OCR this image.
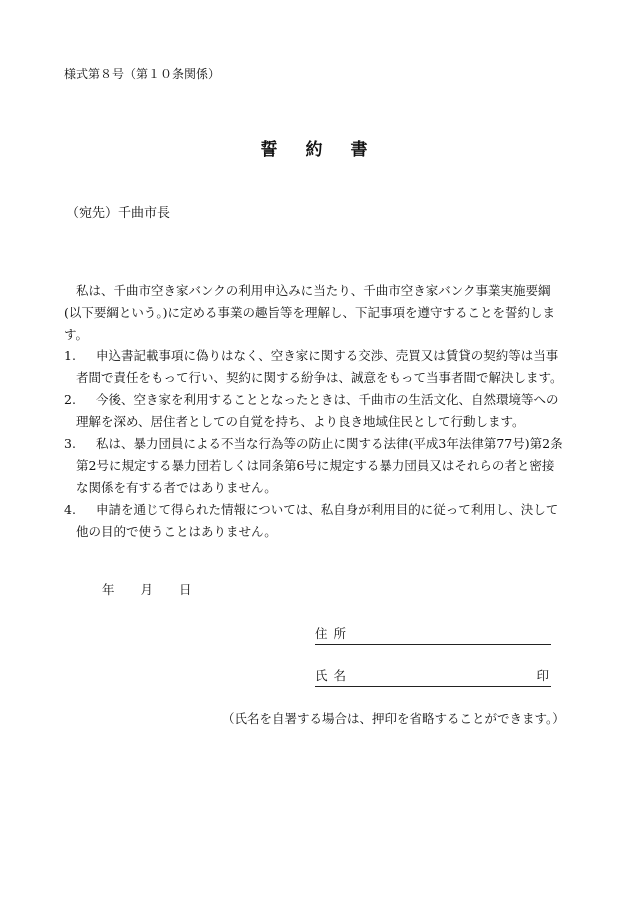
様式第８号（第１０条関係）
誓 約 書
（宛先）千曲市長
私は、千曲市空き家バンクの利用申込みに当たり、千曲市空き家バンク事業実施要綱(以下要綱という。)に定める事業の趣旨等を理解し、下記事項を遵守することを誓約します。
1.	申込書記載事項に偽りはなく、空き家に関する交渉、売買又は賃貸の契約等は当事者間で責任をもって行い、契約に関する紛争は、誠意をもって当事者間で解決します。
2.	今後、空き家を利用することとなったときは、千曲市の生活文化、自然環境等への理解を深め、居住者としての自覚を持ち、より良き地域住民として行動します。
3.	私は、暴力団員による不当な行為等の防止に関する法律(平成3年法律第77号)第2条第2号に規定する暴力団若しくは同条第6号に規定する暴力団員又はそれらの者と密接な関係を有する者ではありません。
4.	申請を通じて得られた情報については、私自身が利用目的に従って利用し、決して他の目的で使うことはありません。
年 月 日
住所
氏名	印
（氏名を自署する場合は、押印を省略することができます。）
